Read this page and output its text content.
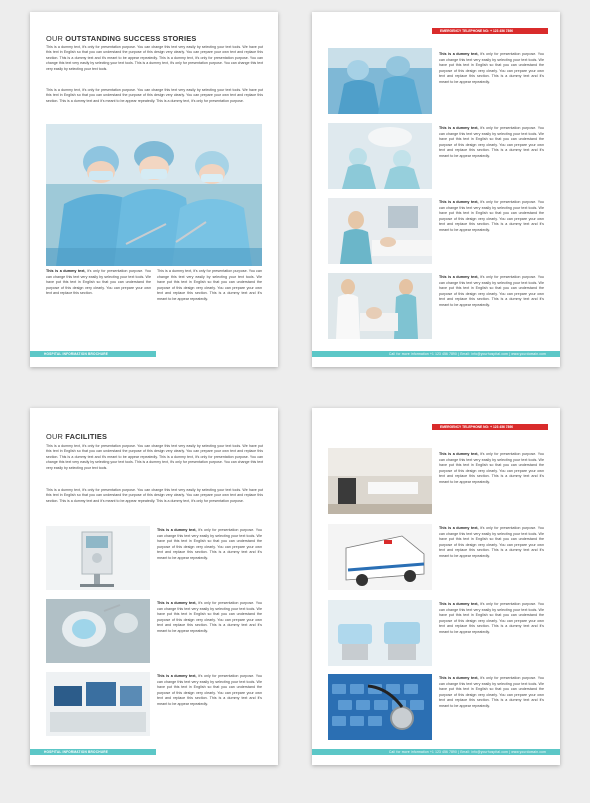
OUR OUTSTANDING SUCCESS STORIES
This is a dummy text, it's only for presentation purpose. You can change this text very easily by selecting your text tools. We have put this text in English so that you can understand the purpose of this design very clearly. You can prepare your own text and replace this section. This is a dummy text and it's meant to be appear repeatedly. This is a dummy text, it's only for presentation purpose. You can change this text very easily by selecting your text tools. This is a dummy text, it's only for presentation purpose. You can change this text very easily by selecting your text tools.
This is a dummy text, it's only for presentation purpose. You can change this text very easily by selecting your text tools. We have put this text in English so that you can understand the purpose of this design very clearly. You can prepare your own text and replace this section. This is a dummy text and it's meant to be appear repeatedly. This is a dummy text, it's only for presentation purpose.
This is a dummy text, it's only for presentation purpose. You can change this text very easily by selecting your text tools. We have put this text in English so that you can understand the purpose of this design very clearly. You can prepare your own text and replace this section.
This is a dummy text, it's only for presentation purpose. You can change this text very easily by selecting your text tools. We have put this text in English so that you can understand the purpose of this design very clearly. You can prepare your own text and replace this section. This is a dummy text and it's meant to be appear repeatedly.
HOSPITAL INFORMATION BROCHURE
EMERGENCY TELEPHONE NO: + 123 456 7890
This is a dummy text, it's only for presentation purpose. You can change this text very easily by selecting your text tools. We have put this text in English so that you can understand the purpose of this design very clearly. You can prepare your own text and replace this section. This is a dummy text and it's meant to be appear repeatedly.
This is a dummy text, it's only for presentation purpose. You can change this text very easily by selecting your text tools. We have put this text in English so that you can understand the purpose of this design very clearly. You can prepare your own text and replace this section. This is a dummy text and it's meant to be appear repeatedly.
This is a dummy text, it's only for presentation purpose. You can change this text very easily by selecting your text tools. We have put this text in English so that you can understand the purpose of this design very clearly. You can prepare your own text and replace this section. This is a dummy text and it's meant to be appear repeatedly.
This is a dummy text, it's only for presentation purpose. You can change this text very easily by selecting your text tools. We have put this text in English so that you can understand the purpose of this design very clearly. You can prepare your own text and replace this section. This is a dummy text and it's meant to be appear repeatedly.
Call for more information +1 123 456 7890 | Email: info@yourhospital.com | www.yourdomain.com
OUR FACILITIES
This is a dummy text, it's only for presentation purpose. You can change this text very easily by selecting your text tools. We have put this text in English so that you can understand the purpose of this design very clearly. You can prepare your own text and replace this section. This is a dummy text and it's meant to be appear repeatedly. This is a dummy text, it's only for presentation purpose. You can change this text very easily by selecting your text tools. This is a dummy text, it's only for presentation purpose. You can change this text very easily by selecting your text tools.
This is a dummy text, it's only for presentation purpose. You can change this text very easily by selecting your text tools. We have put this text in English so that you can understand the purpose of this design very clearly. You can prepare your own text and replace this section. This is a dummy text and it's meant to be appear repeatedly. This is a dummy text, it's only for presentation purpose.
This is a dummy text, it's only for presentation purpose. You can change this text very easily by selecting your text tools. We have put this text in English so that you can understand the purpose of this design very clearly. You can prepare your own text and replace this section. This is a dummy text and it's meant to be appear repeatedly.
This is a dummy text, it's only for presentation purpose. You can change this text very easily by selecting your text tools. We have put this text in English so that you can understand the purpose of this design very clearly. You can prepare your own text and replace this section. This is a dummy text and it's meant to be appear repeatedly.
This is a dummy text, it's only for presentation purpose. You can change this text very easily by selecting your text tools. We have put this text in English so that you can understand the purpose of this design very clearly. You can prepare your own text and replace this section. This is a dummy text and it's meant to be appear repeatedly.
HOSPITAL INFORMATION BROCHURE
EMERGENCY TELEPHONE NO: + 123 456 7890
This is a dummy text, it's only for presentation purpose. You can change this text very easily by selecting your text tools. We have put this text in English so that you can understand the purpose of this design very clearly. You can prepare your own text and replace this section. This is a dummy text and it's meant to be appear repeatedly.
This is a dummy text, it's only for presentation purpose. You can change this text very easily by selecting your text tools. We have put this text in English so that you can understand the purpose of this design very clearly. You can prepare your own text and replace this section. This is a dummy text and it's meant to be appear repeatedly.
This is a dummy text, it's only for presentation purpose. You can change this text very easily by selecting your text tools. We have put this text in English so that you can understand the purpose of this design very clearly. You can prepare your own text and replace this section. This is a dummy text and it's meant to be appear repeatedly.
This is a dummy text, it's only for presentation purpose. You can change this text very easily by selecting your text tools. We have put this text in English so that you can understand the purpose of this design very clearly. You can prepare your own text and replace this section. This is a dummy text and it's meant to be appear repeatedly.
Call for more information +1 123 456 7890 | Email: info@yourhospital.com | www.yourdomain.com
